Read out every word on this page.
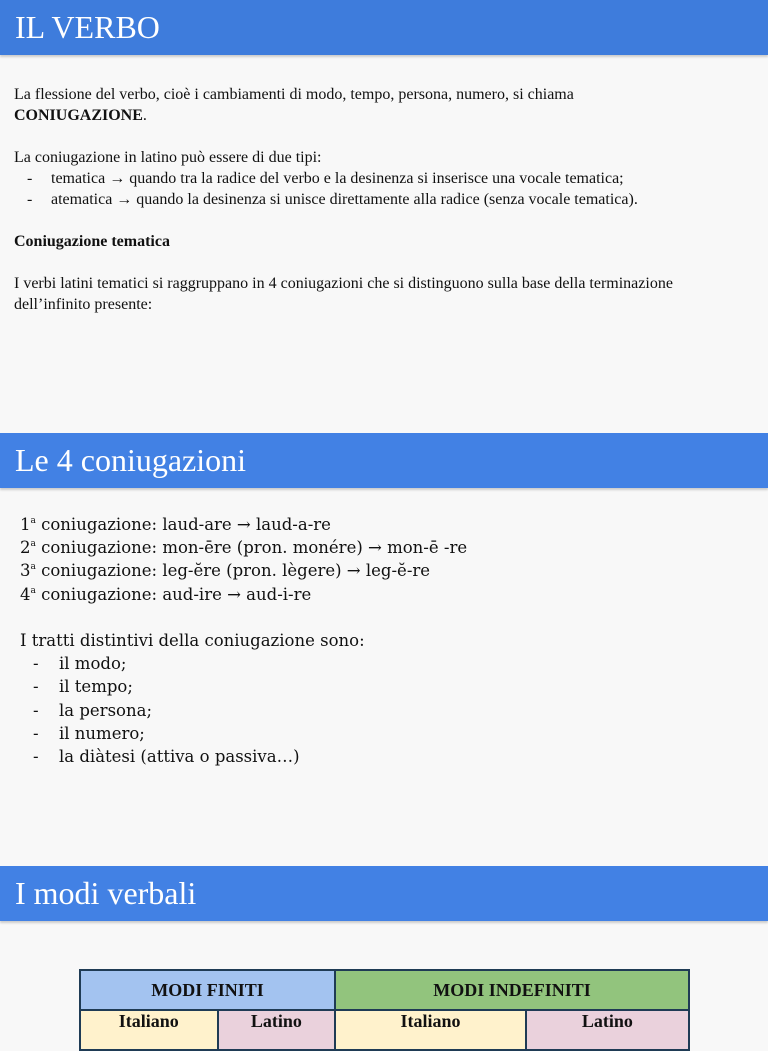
IL VERBO

La flessione del verbo, cioè i cambiamenti di modo, tempo, persona, numero, si chiama
CONIUGAZIONE.

La coniugazione in latino può essere di due tipi:

-	tematica → quando tra la radice del verbo e la desinenza si inserisce una vocale tematica;
-	atematica → quando la desinenza si unisce direttamente alla radice (senza vocale tematica).

Coniugazione tematica

I verbi latini tematici si raggruppano in 4 coniugazioni che si distinguono sulla base della terminazione dell’infinito presente:

Le 4 coniugazioni

1$^a$ coniugazione: laud-are → laud-a-re

2$^a$ coniugazione: mon-ēre (pron. monére) → mon-ē -re

3$^a$ coniugazione: leg-ĕre (pron. lègere) → leg-ĕ-re

4$^a$ coniugazione: aud-ire → aud-i-re

I tratti distintivi della coniugazione sono:

-	il modo;
-	il tempo;
-	la persona;
-	il numero;
-	la diàtesi (attiva o passiva…)
I modi verbali
MODI FINITI		MODI INDEFINITI	
Italiano	Latino	Italiano	Latino
